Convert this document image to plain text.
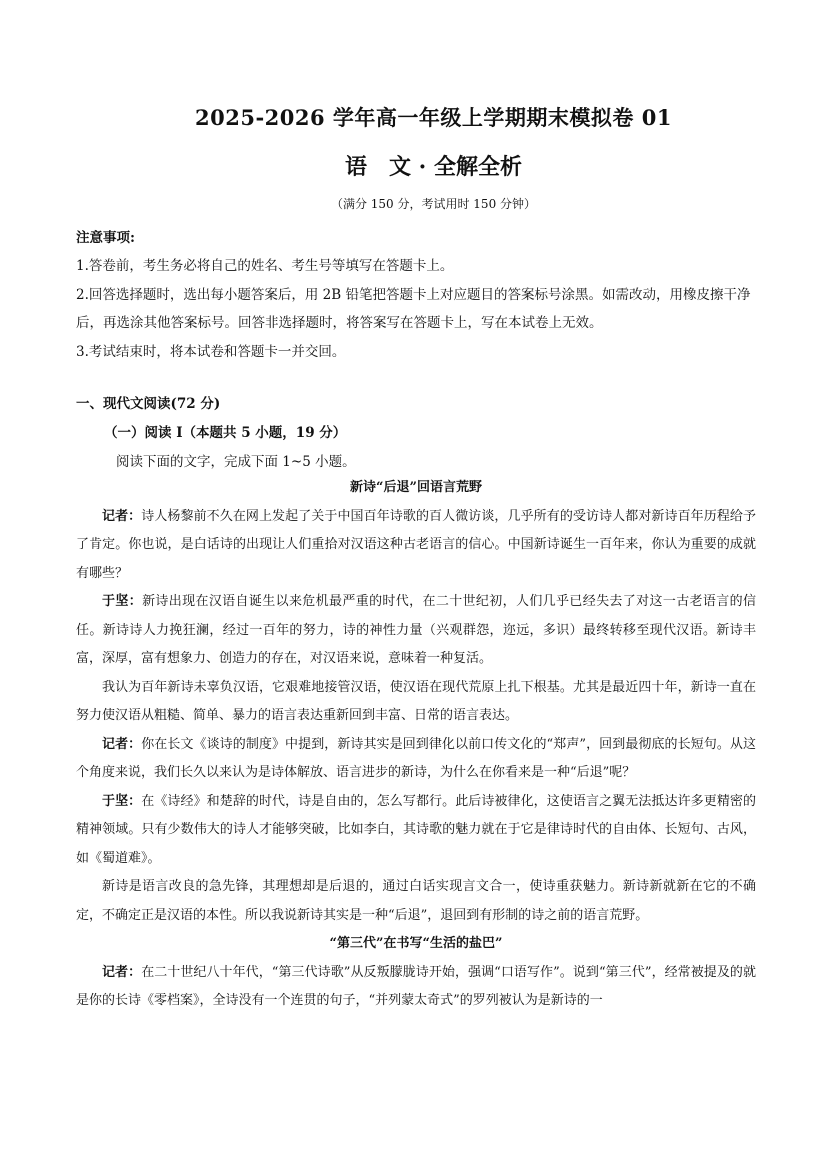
2025-2026 学年高一年级上学期期末模拟卷 01
语　文 · 全解全析
（满分 150 分，考试用时 150 分钟）
注意事项:

1.答卷前，考生务必将自己的姓名、考生号等填写在答题卡上。

2.回答选择题时，选出每小题答案后，用 2B 铅笔把答题卡上对应题目的答案标号涂黑。如需改动，用橡皮擦干净后，再选涂其他答案标号。回答非选择题时，将答案写在答题卡上，写在本试卷上无效。

3.考试结束时，将本试卷和答题卡一并交回。

一、现代文阅读(72 分)
（一）阅读 I（本题共 5 小题，19 分）
阅读下面的文字，完成下面 1~5 小题。

新诗“后退”回语言荒野

记者：诗人杨黎前不久在网上发起了关于中国百年诗歌的百人微访谈，几乎所有的受访诗人都对新诗百年历程给予了肯定。你也说，是白话诗的出现让人们重拾对汉语这种古老语言的信心。中国新诗诞生一百年来，你认为重要的成就有哪些？

于坚：新诗出现在汉语自诞生以来危机最严重的时代，在二十世纪初，人们几乎已经失去了对这一古老语言的信任。新诗诗人力挽狂澜，经过一百年的努力，诗的神性力量（兴观群怨，迩远，多识）最终转移至现代汉语。新诗丰富，深厚，富有想象力、创造力的存在，对汉语来说，意味着一种复活。

我认为百年新诗未辜负汉语，它艰难地接管汉语，使汉语在现代荒原上扎下根基。尤其是最近四十年，新诗一直在努力使汉语从粗糙、简单、暴力的语言表达重新回到丰富、日常的语言表达。

记者：你在长文《谈诗的制度》中提到，新诗其实是回到律化以前口传文化的“郑声”，回到最彻底的长短句。从这个角度来说，我们长久以来认为是诗体解放、语言进步的新诗，为什么在你看来是一种“后退”呢？

于坚：在《诗经》和楚辞的时代，诗是自由的，怎么写都行。此后诗被律化，这使语言之翼无法抵达许多更精密的精神领域。只有少数伟大的诗人才能够突破，比如李白，其诗歌的魅力就在于它是律诗时代的自由体、长短句、古风，如《蜀道难》。

新诗是语言改良的急先锋，其理想却是后退的，通过白话实现言文合一，使诗重获魅力。新诗新就新在它的不确定，不确定正是汉语的本性。所以我说新诗其实是一种“后退”，退回到有形制的诗之前的语言荒野。

“第三代”在书写“生活的盐巴”

记者：在二十世纪八十年代，“第三代诗歌”从反叛朦胧诗开始，强调“口语写作”。说到“第三代”，经常被提及的就是你的长诗《零档案》，全诗没有一个连贯的句子，“并列蒙太奇式”的罗列被认为是新诗的一
